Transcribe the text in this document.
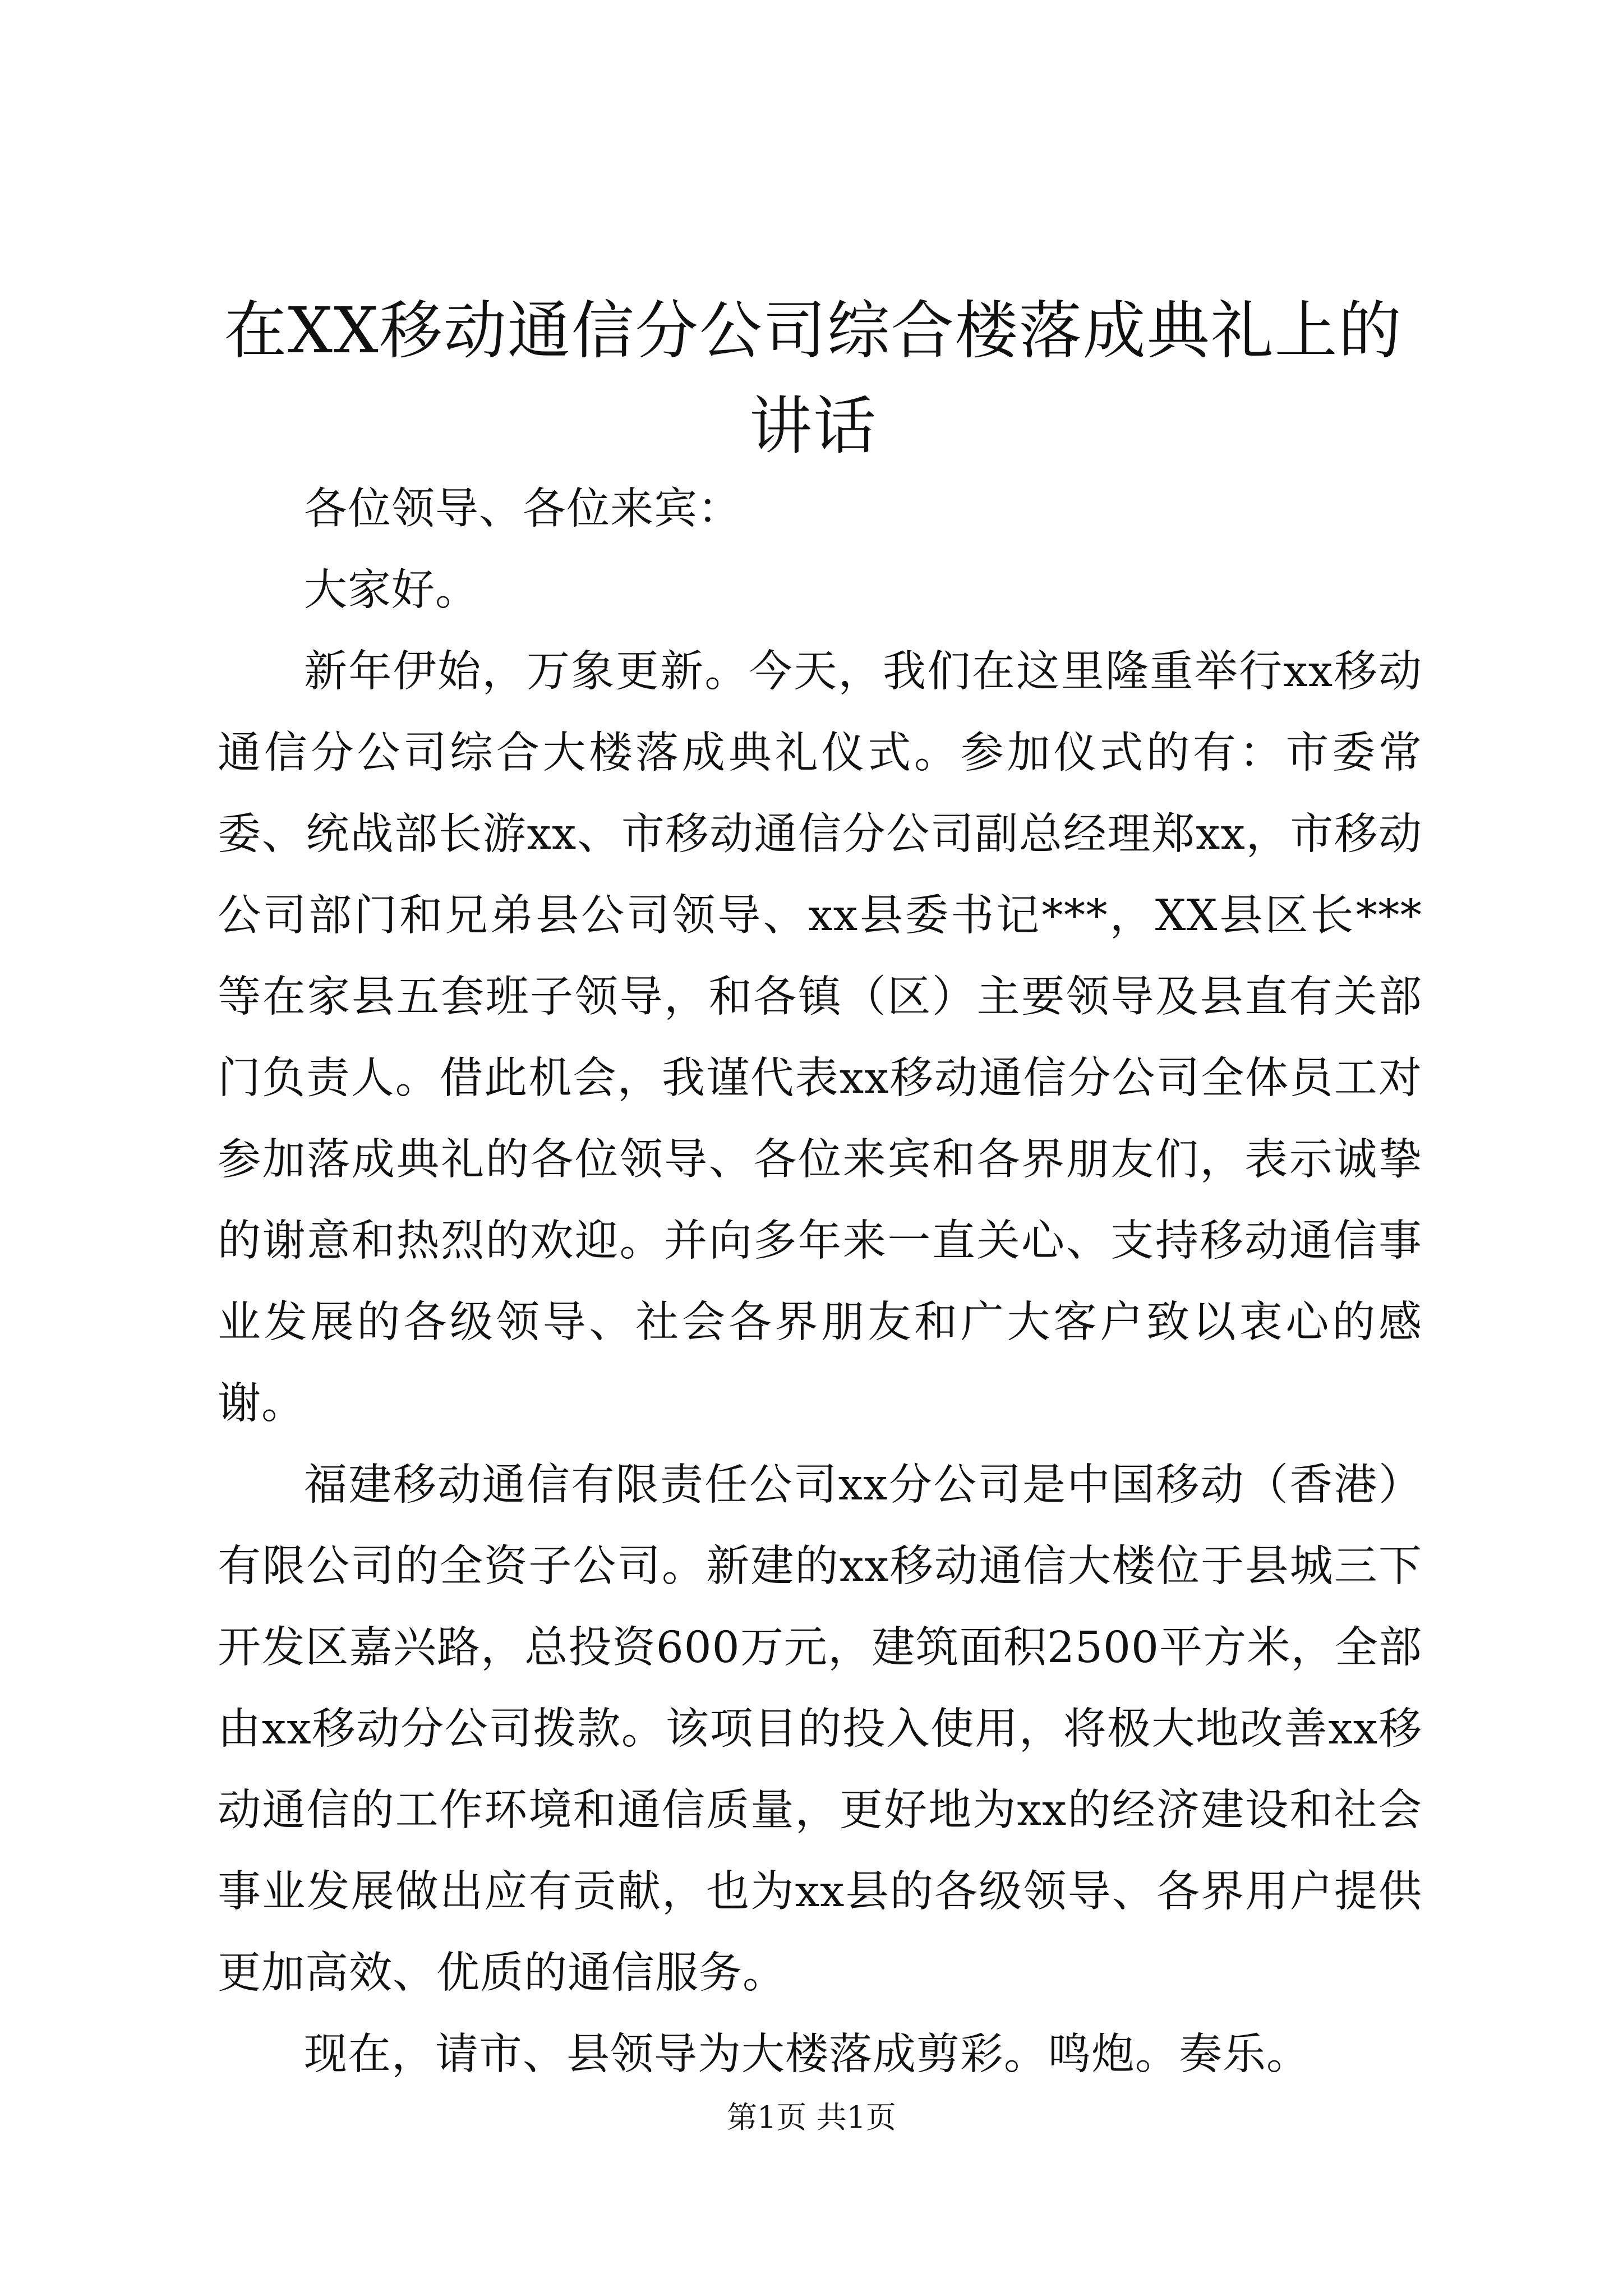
在XX移动通信分公司综合楼落成典礼上的讲话

各位领导、各位来宾：

大家好。

新年伊始，万象更新。今天，我们在这里隆重举行xx移动通信分公司综合大楼落成典礼仪式。参加仪式的有：市委常委、统战部长游xx、市移动通信分公司副总经理郑xx，市移动公司部门和兄弟县公司领导、xx县委书记***，XX县区长***等在家县五套班子领导，和各镇（区）主要领导及县直有关部门负责人。借此机会，我谨代表xx移动通信分公司全体员工对参加落成典礼的各位领导、各位来宾和各界朋友们，表示诚挚的谢意和热烈的欢迎。并向多年来一直关心、支持移动通信事业发展的各级领导、社会各界朋友和广大客户致以衷心的感谢。

福建移动通信有限责任公司xx分公司是中国移动（香港）有限公司的全资子公司。新建的xx移动通信大楼位于县城三下开发区嘉兴路，总投资600万元，建筑面积2500平方米，全部由xx移动分公司拨款。该项目的投入使用，将极大地改善xx移动通信的工作环境和通信质量，更好地为xx的经济建设和社会事业发展做出应有贡献，也为xx县的各级领导、各界用户提供更加高效、优质的通信服务。

现在，请市、县领导为大楼落成剪彩。鸣炮。奏乐。

第1页 共1页
